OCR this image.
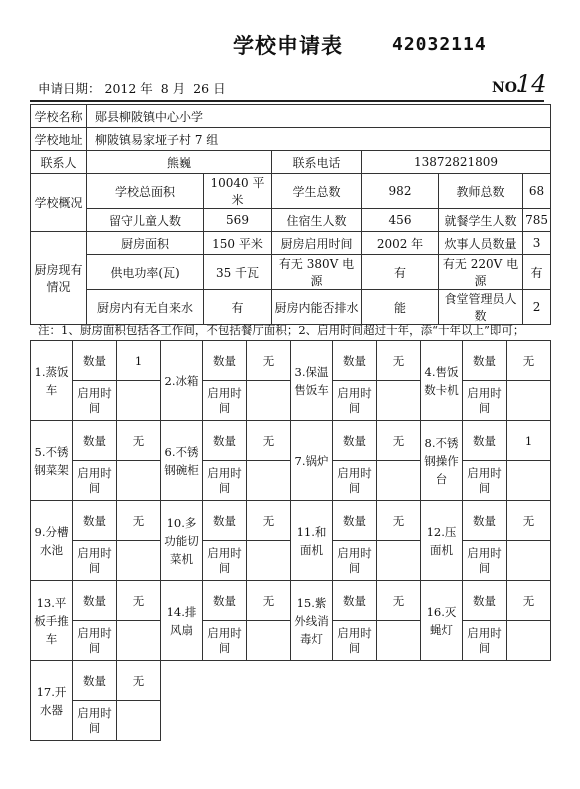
学校申请表	42032114
申请日期： 2012 年 8 月 26 日	NO.
14
学校名称	郧县柳陂镇中心小学					
学校地址	柳陂镇易家垭子村 7 组					
联系人	熊巍		联系电话	13872821809		
学校概况	学校总面积	10040 平米	学生总数	982	教师总数	68
	留守儿童人数	569	住宿生人数	456	就餐学生人数	785
厨房现有情况	厨房面积	150 平米	厨房启用时间	2002 年	炊事人员数量	3
	供电功率(瓦)	35 千瓦	有无 380V 电源	有	有无 220V 电源	有
	厨房内有无自来水	有	厨房内能否排水	能	食堂管理员人数	2
注：1、厨房面积包括各工作间，不包括餐厅面积；2、启用时间超过十年，添“十年以上”即可；
1.蒸饭车	数量	1	2.冰箱	数量	无	3.保温售饭车	数量	无	4.售饭数卡机	数量	无
	启用时间			启用时间			启用时间			启用时间	
5.不锈钢菜架	数量	无	6.不锈钢碗柜	数量	无	7.锅炉	数量	无	8.不锈钢操作台	数量	1
	启用时间			启用时间			启用时间			启用时间	
9.分槽水池	数量	无	10.多功能切菜机	数量	无	11.和面机	数量	无	12.压面机	数量	无
	启用时间			启用时间			启用时间			启用时间	
13.平板手推车	数量	无	14.排风扇	数量	无	15.紫外线消毒灯	数量	无	16.灭蝇灯	数量	无
	启用时间			启用时间			启用时间			启用时间	
17.开水器	数量	无									
	启用时间										
